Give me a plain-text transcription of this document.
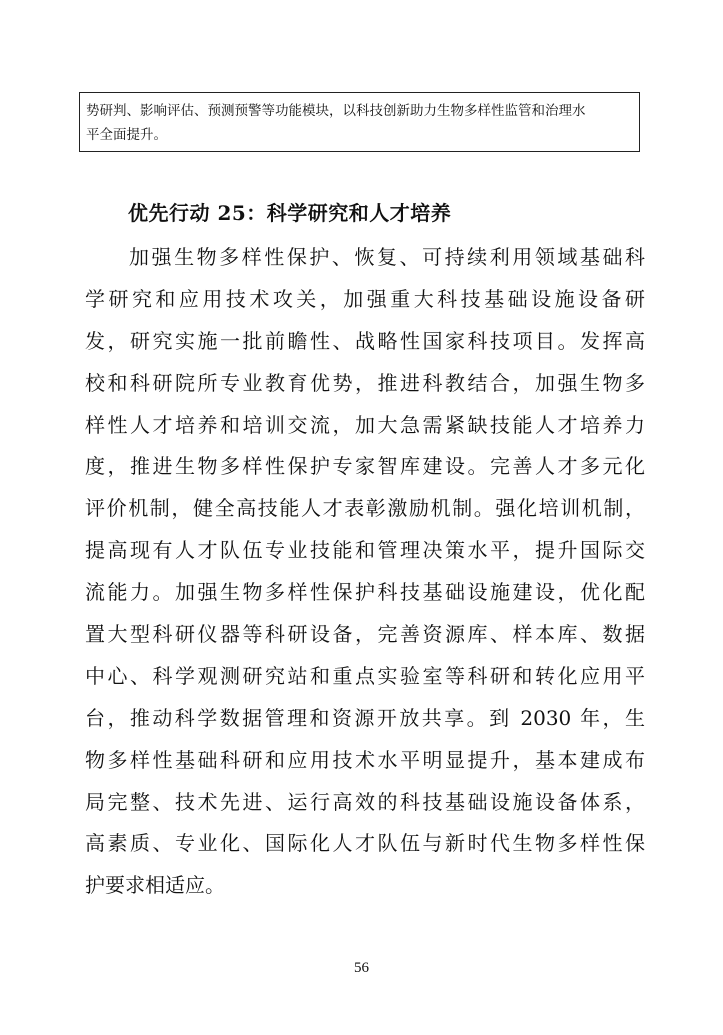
势研判、影响评估、预测预警等功能模块，以科技创新助力生物多样性监管和治理水

平全面提升。

优先行动 25：科学研究和人才培养
加强生物多样性保护、恢复、可持续利用领域基础科
学研究和应用技术攻关，加强重大科技基础设施设备研
发，研究实施一批前瞻性、战略性国家科技项目。发挥高
校和科研院所专业教育优势，推进科教结合，加强生物多
样性人才培养和培训交流，加大急需紧缺技能人才培养力
度，推进生物多样性保护专家智库建设。完善人才多元化
评价机制，健全高技能人才表彰激励机制。强化培训机制，
提高现有人才队伍专业技能和管理决策水平，提升国际交
流能力。加强生物多样性保护科技基础设施建设，优化配
置大型科研仪器等科研设备，完善资源库、样本库、数据
中心、科学观测研究站和重点实验室等科研和转化应用平
台，推动科学数据管理和资源开放共享。到 2030 年，生
物多样性基础科研和应用技术水平明显提升，基本建成布
局完整、技术先进、运行高效的科技基础设施设备体系，
高素质、专业化、国际化人才队伍与新时代生物多样性保
护要求相适应。
56
